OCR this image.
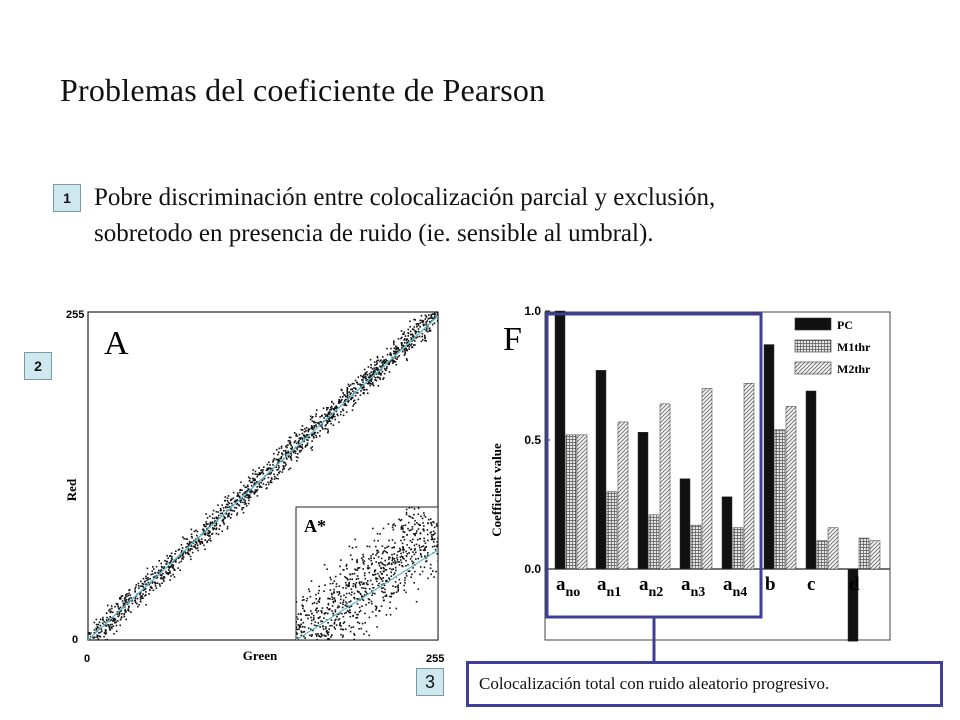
Problemas del coeficiente de Pearson
1 Pobre discriminación entre colocalización parcial y exclusión,
sobretodo en presencia de ruido (ie. sensible al umbral).
2
3
A*
A
255
0
0	255
Green
Red
0.0
0.5
1.0
$a_{no}$ $a_{n1}$ $a_{n2}$ $a_{n3}$ $a_{n4}$ b c d
PC
M1thr
M2thr
F
Coefficient value
Colocalización total con ruido aleatorio progresivo.
